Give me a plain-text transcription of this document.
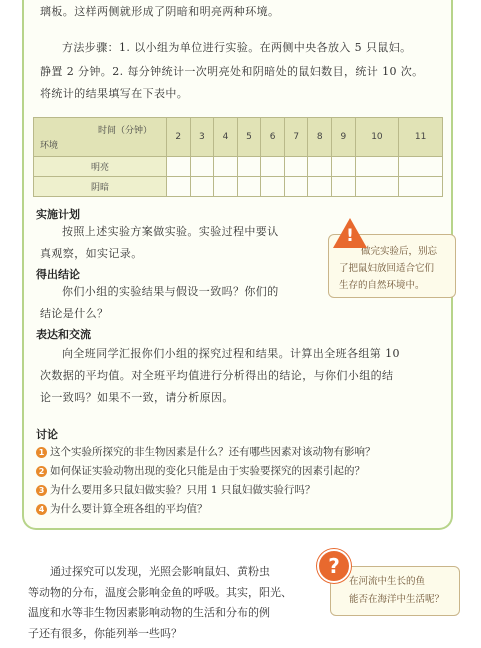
璃板。这样两侧就形成了阴暗和明亮两种环境。
方法步骤：1. 以小组为单位进行实验。在两侧中央各放入 5 只鼠妇。
静置 2 分钟。2. 每分钟统计一次明亮处和阴暗处的鼠妇数目，统计 10 次。
将统计的结果填写在下表中。
时间（分钟）
环境	2	3	4	5	6	7	8	9	10	11
明亮										
阴暗										
实施计划
按照上述实验方案做实验。实验过程中要认
真观察，如实记录。
得出结论
你们小组的实验结果与假设一致吗？你们的
结论是什么？
做完实验后，别忘
了把鼠妇放回适合它们
生存的自然环境中。
!
表达和交流
向全班同学汇报你们小组的探究过程和结果。计算出全班各组第 10
次数据的平均值。对全班平均值进行分析得出的结论，与你们小组的结
论一致吗？如果不一致，请分析原因。
讨论
1 这个实验所探究的非生物因素是什么？还有哪些因素对该动物有影响？
2 如何保证实验动物出现的变化只能是由于实验要探究的因素引起的？
3 为什么要用多只鼠妇做实验？只用 1 只鼠妇做实验行吗？
4 为什么要计算全班各组的平均值？
通过探究可以发现，光照会影响鼠妇、黄粉虫
等动物的分布，温度会影响金鱼的呼吸。其实，阳光、
温度和水等非生物因素影响动物的生活和分布的例
子还有很多，你能列举一些吗？
在河流中生长的鱼
能否在海洋中生活呢？
?
